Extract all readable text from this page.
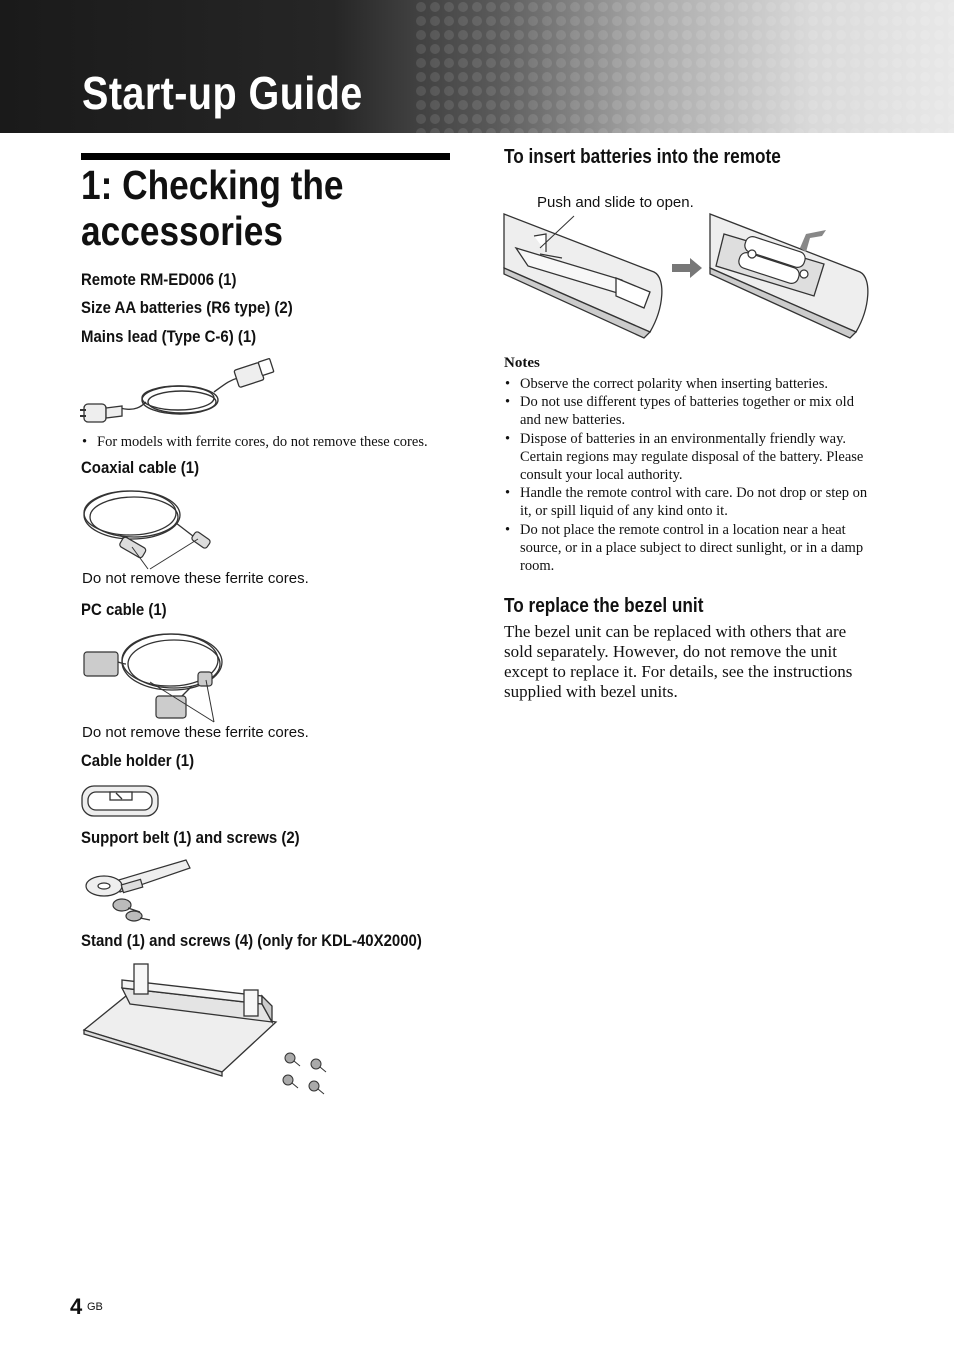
Start-up Guide
1: Checking the
accessories
Remote RM-ED006 (1)
Size AA batteries (R6 type) (2)
Mains lead (Type C-6) (1)
• For models with ferrite cores, do not remove these cores.
Coaxial cable (1)
Do not remove these ferrite cores.
PC cable (1)
Do not remove these ferrite cores.
Cable holder (1)
Support belt (1) and screws (2)
Stand (1) and screws (4) (only for KDL-40X2000)
To insert batteries into the remote
Push and slide to open.
Notes
• Observe the correct polarity when inserting batteries.
• Do not use different types of batteries together or mix old and new batteries.
• Dispose of batteries in an environmentally friendly way. Certain regions may regulate disposal of the battery. Please consult your local authority.
• Handle the remote control with care. Do not drop or step on it, or spill liquid of any kind onto it.
• Do not place the remote control in a location near a heat source, or in a place subject to direct sunlight, or in a damp room.
To replace the bezel unit

The bezel unit can be replaced with others that are sold separately. However, do not remove the unit except to replace it. For details, see the instructions supplied with bezel units.

4 GB
